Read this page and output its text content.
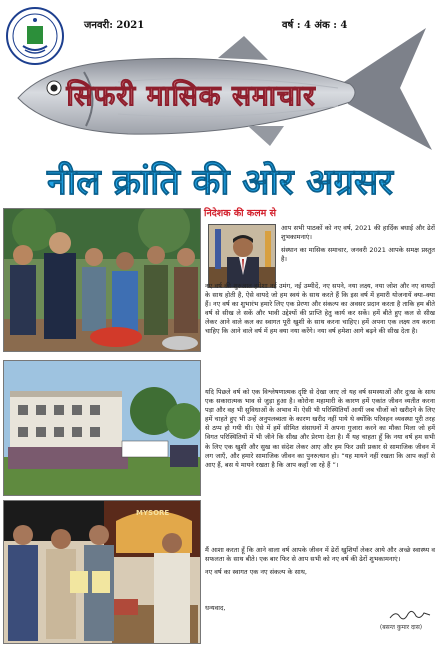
जनवरी: 2021	वर्ष : 4 अंक : 4
सिफरी मासिक समाचार
नील क्रांति की ओर अग्रसर
MYSORE
निदेशक की कलम से

आप सभी पाठकों को नए वर्ष, 2021 की हार्दिक बधाई और ढेरों शुभकामनाएं।

संस्थान का मासिक समाचार, जनवरी 2021 आपके समक्ष प्रस्तुत है।

नए वर्ष की शुरुआत हमेशा नई उमंग, नई उम्मीदें, नए सपने, नया लक्ष्य, नया जोश और नए वायदों के साथ होती है, ऐसे वायदे जो हम स्वयं के साथ करते हैं कि इस वर्ष में हमारी योजनायें क्या–क्या हैं। नए वर्ष का शुभारंभ हमारे लिए एक प्रेरणा और संकल्प का अवसर प्रदान करता है ताकि हम बीते वर्ष से सीख ले सकें और भावी उद्देश्यों की प्राप्ति हेतु कार्य कर सकें। हमें बीते हुए कल से सीख लेकर आने वाले कल का स्वागत पूरी खुशी के साथ करना चाहिए। हमें अपना एक लक्ष्य तय करना चाहिए कि आने वाले वर्ष में हम क्या नया करेंगे। नया वर्ष हमेशा आगे बढ़ने की सीख देता है।

यदि पिछले वर्ष को एक विश्लेषणात्मक दृष्टि से देखा जाए तो यह वर्ष समस्याओं और दुःख के साथ एक सकारात्मक भाव से जुड़ा हुआ है। कोरोना महामारी के कारण हमें एकांत जीवन व्यतीत करना पड़ा और वह भी सुविधाओं के अभाव में। ऐसी भी परिस्थितियाँ आयीं जब चीजों को खरीदने के लिए हमें चाहते हुए भी उन्हें अनुपलब्धता के कारण खरीद नहीं पाये थे क्योंकि परिवहन व्यवस्था पूरी तरह से ठप्प हो गयी थी। ऐसे में हमें सीमित संसाधनों में अपना गुजारा करने का मौका मिला जो हमें विगत परिस्थितियों में भी जीने कि सीख और प्रेरणा देता है। मैं यह चाहता हूँ कि नया वर्ष हम सभी के लिए एक खुशी और सुख का संदेश लेकर आए और हम फिर उसी प्रकार से सामाजिक जीवन में लग जाएँ, और हमारे सामाजिक जीवन का पुनरुत्थान हो। “यह मायने नहीं रखता कि आप कहाँ से आए हैं, बस ये मायने रखता है कि आप कहाँ जा रहे हैं ”।

मैं आशा करता हूँ कि आने वाला वर्ष आपके जीवन में ढेरों खुशियाँ लेकर आये और अच्छे स्वास्थ्य व सफलता के साथ बीते। एक बार फिर से आप सभी को नए वर्ष की ढेरों शुभकामनाएं।

नए वर्ष का स्वागत एक नए संकल्प के साथ,

धन्यवाद,

(बसन्त कुमार दास)
